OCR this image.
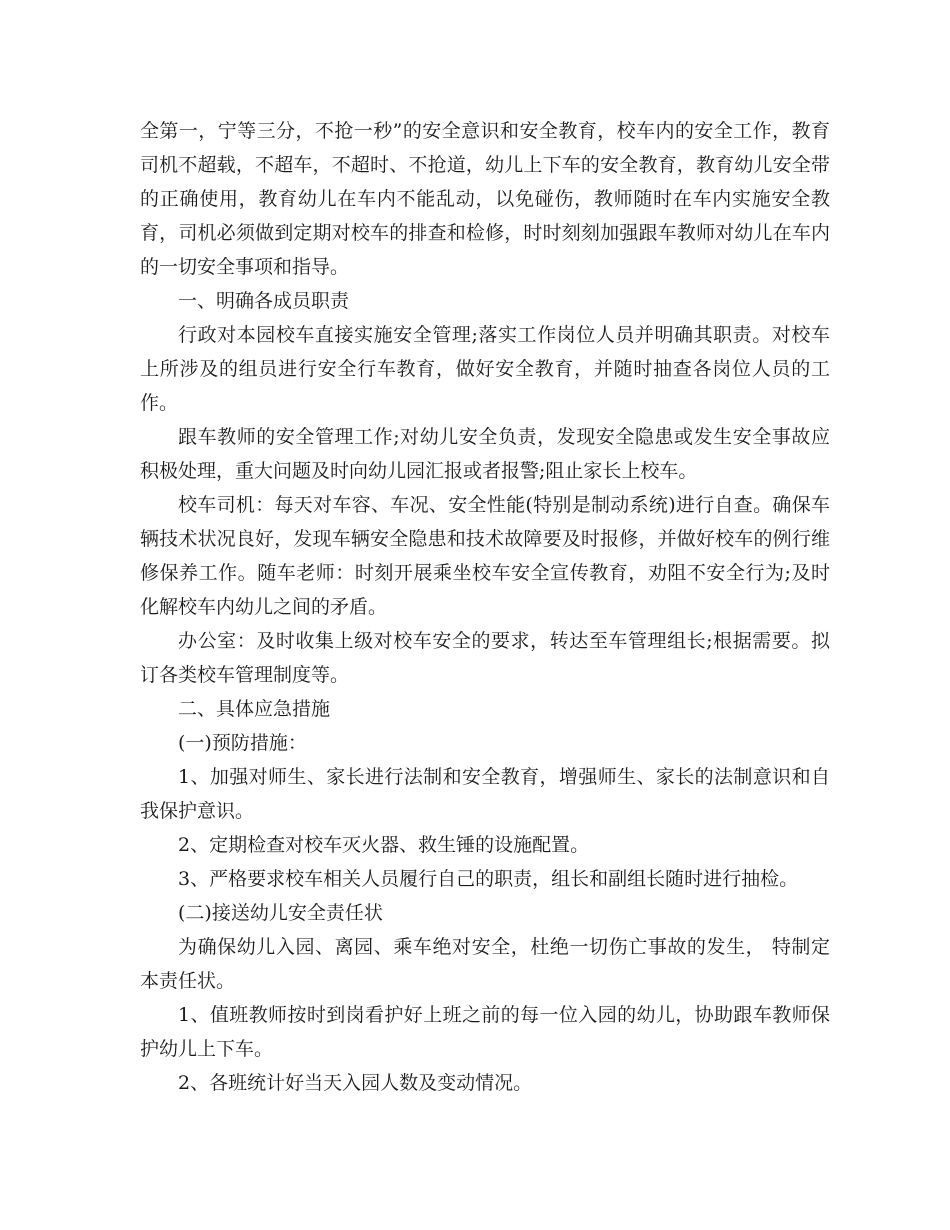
全第一，宁等三分，不抢一秒”的安全意识和安全教育，校车内的安全工作，教育司机不超载，不超车，不超时、不抢道，幼儿上下车的安全教育，教育幼儿安全带的正确使用，教育幼儿在车内不能乱动，以免碰伤，教师随时在车内实施安全教育，司机必须做到定期对校车的排查和检修，时时刻刻加强跟车教师对幼儿在车内的一切安全事项和指导。

一、明确各成员职责

行政对本园校车直接实施安全管理;落实工作岗位人员并明确其职责。对校车上所涉及的组员进行安全行车教育，做好安全教育，并随时抽查各岗位人员的工作。

跟车教师的安全管理工作;对幼儿安全负责，发现安全隐患或发生安全事故应积极处理，重大问题及时向幼儿园汇报或者报警;阻止家长上校车。

校车司机：每天对车容、车况、安全性能(特别是制动系统)进行自查。确保车辆技术状况良好，发现车辆安全隐患和技术故障要及时报修，并做好校车的例行维修保养工作。随车老师：时刻开展乘坐校车安全宣传教育，劝阻不安全行为;及时化解校车内幼儿之间的矛盾。

办公室：及时收集上级对校车安全的要求，转达至车管理组长;根据需要。拟订各类校车管理制度等。

二、具体应急措施

(一)预防措施：

1、加强对师生、家长进行法制和安全教育，增强师生、家长的法制意识和自我保护意识。

2、定期检查对校车灭火器、救生锤的设施配置。

3、严格要求校车相关人员履行自己的职责，组长和副组长随时进行抽检。

(二)接送幼儿安全责任状

为确保幼儿入园、离园、乘车绝对安全，杜绝一切伤亡事故的发生， 特制定本责任状。

1、值班教师按时到岗看护好上班之前的每一位入园的幼儿，协助跟车教师保护幼儿上下车。

2、各班统计好当天入园人数及变动情况。
